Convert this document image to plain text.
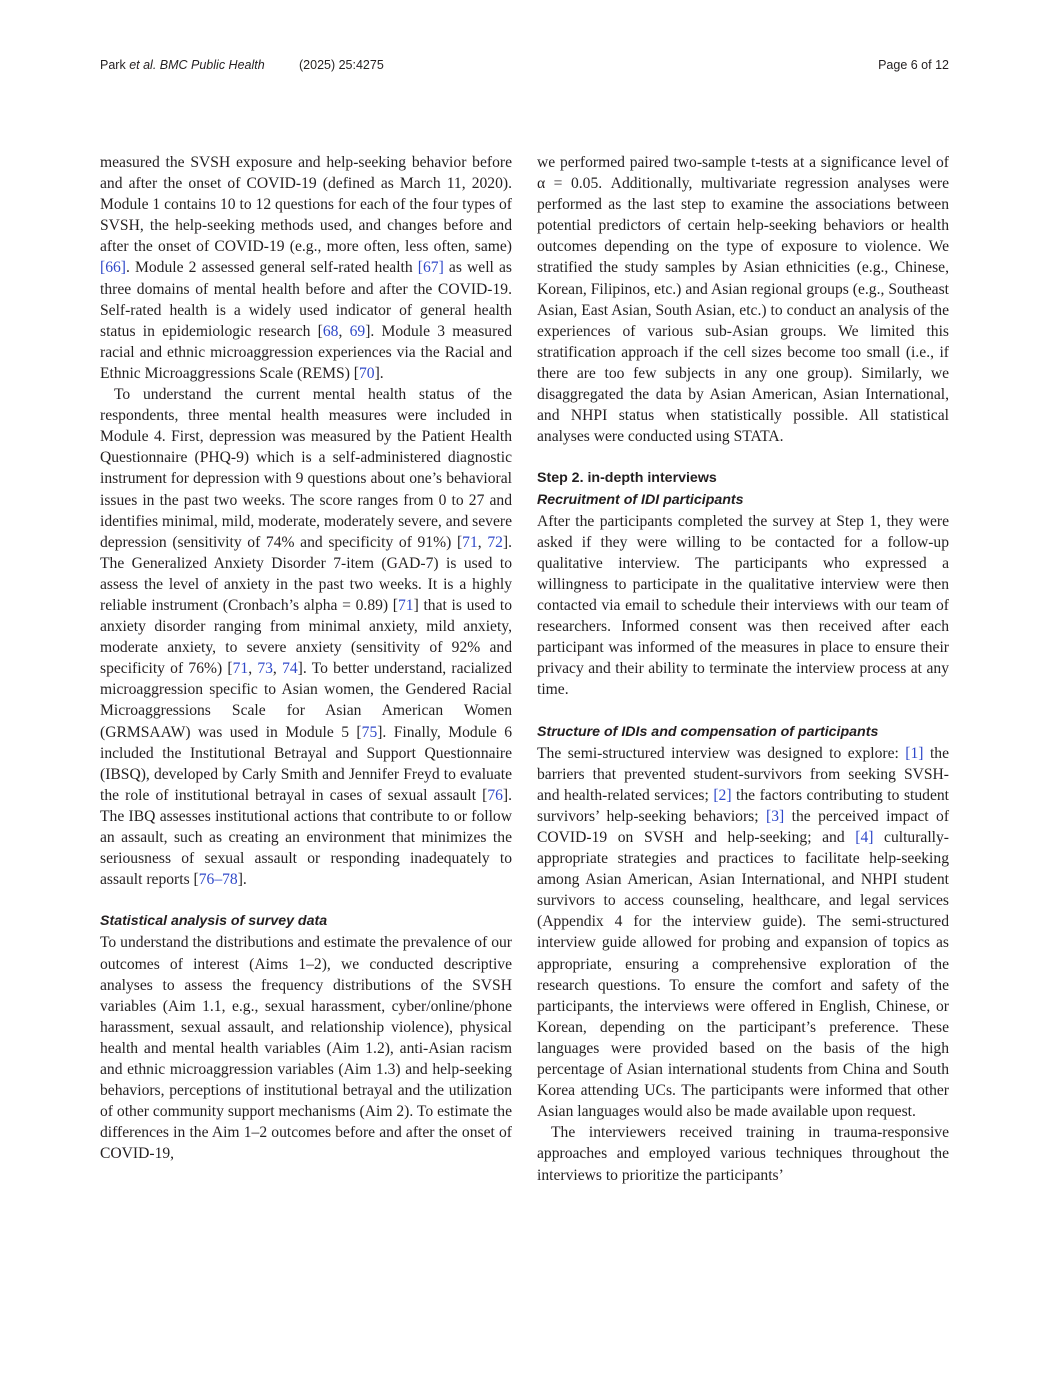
Park et al. BMC Public Health	(2025) 25:4275	Page 6 of 12

measured the SVSH exposure and help-seeking behavior before and after the onset of COVID-19 (defined as March 11, 2020). Module 1 contains 10 to 12 questions for each of the four types of SVSH, the help-seeking methods used, and changes before and after the onset of COVID-19 (e.g., more often, less often, same) [66]. Module 2 assessed general self-rated health [67] as well as three domains of mental health before and after the COVID-19. Self-rated health is a widely used indicator of general health status in epidemiologic research [68, 69]. Module 3 measured racial and ethnic microaggression experiences via the Racial and Ethnic Microaggressions Scale (REMS) [70].

To understand the current mental health status of the respondents, three mental health measures were included in Module 4. First, depression was measured by the Patient Health Questionnaire (PHQ-9) which is a self-administered diagnostic instrument for depression with 9 questions about one’s behavioral issues in the past two weeks. The score ranges from 0 to 27 and identifies minimal, mild, moderate, moderately severe, and severe depression (sensitivity of 74% and specificity of 91%) [71, 72]. The Generalized Anxiety Disorder 7-item (GAD-7) is used to assess the level of anxiety in the past two weeks. It is a highly reliable instrument (Cronbach’s alpha = 0.89) [71] that is used to anxiety disorder ranging from minimal anxiety, mild anxiety, moderate anxiety, to severe anxiety (sensitivity of 92% and specificity of 76%) [71, 73, 74]. To better understand, racialized microaggression specific to Asian women, the Gendered Racial Microaggressions Scale for Asian American Women (GRMSAAW) was used in Module 5 [75]. Finally, Module 6 included the Institutional Betrayal and Support Questionnaire (IBSQ), developed by Carly Smith and Jennifer Freyd to evaluate the role of institutional betrayal in cases of sexual assault [76]. The IBQ assesses institutional actions that contribute to or follow an assault, such as creating an environment that minimizes the seriousness of sexual assault or responding inadequately to assault reports [76–78].

Statistical analysis of survey data

To understand the distributions and estimate the prevalence of our outcomes of interest (Aims 1–2), we conducted descriptive analyses to assess the frequency distributions of the SVSH variables (Aim 1.1, e.g., sexual harassment, cyber/online/phone harassment, sexual assault, and relationship violence), physical health and mental health variables (Aim 1.2), anti-Asian racism and ethnic microaggression variables (Aim 1.3) and help-seeking behaviors, perceptions of institutional betrayal and the utilization of other community support mechanisms (Aim 2). To estimate the differences in the Aim 1–2 outcomes before and after the onset of COVID-19,

we performed paired two-sample t-tests at a significance level of α = 0.05. Additionally, multivariate regression analyses were performed as the last step to examine the associations between potential predictors of certain help-seeking behaviors or health outcomes depending on the type of exposure to violence. We stratified the study samples by Asian ethnicities (e.g., Chinese, Korean, Filipinos, etc.) and Asian regional groups (e.g., Southeast Asian, East Asian, South Asian, etc.) to conduct an analysis of the experiences of various sub-Asian groups. We limited this stratification approach if the cell sizes become too small (i.e., if there are too few subjects in any one group). Similarly, we disaggregated the data by Asian American, Asian International, and NHPI status when statistically possible. All statistical analyses were conducted using STATA.

Step 2. in-depth interviews

Recruitment of IDI participants

After the participants completed the survey at Step 1, they were asked if they were willing to be contacted for a follow-up qualitative interview. The participants who expressed a willingness to participate in the qualitative interview were then contacted via email to schedule their interviews with our team of researchers. Informed consent was then received after each participant was informed of the measures in place to ensure their privacy and their ability to terminate the interview process at any time.

Structure of IDIs and compensation of participants

The semi-structured interview was designed to explore: [1] the barriers that prevented student-survivors from seeking SVSH- and health-related services; [2] the factors contributing to student survivors’ help-seeking behaviors; [3] the perceived impact of COVID-19 on SVSH and help-seeking; and [4] culturally-appropriate strategies and practices to facilitate help-seeking among Asian American, Asian International, and NHPI student survivors to access counseling, healthcare, and legal services (Appendix 4 for the interview guide). The semi-structured interview guide allowed for probing and expansion of topics as appropriate, ensuring a comprehensive exploration of the research questions. To ensure the comfort and safety of the participants, the interviews were offered in English, Chinese, or Korean, depending on the participant’s preference. These languages were provided based on the basis of the high percentage of Asian international students from China and South Korea attending UCs. The participants were informed that other Asian languages would also be made available upon request.

The interviewers received training in trauma-responsive approaches and employed various techniques throughout the interviews to prioritize the participants’
